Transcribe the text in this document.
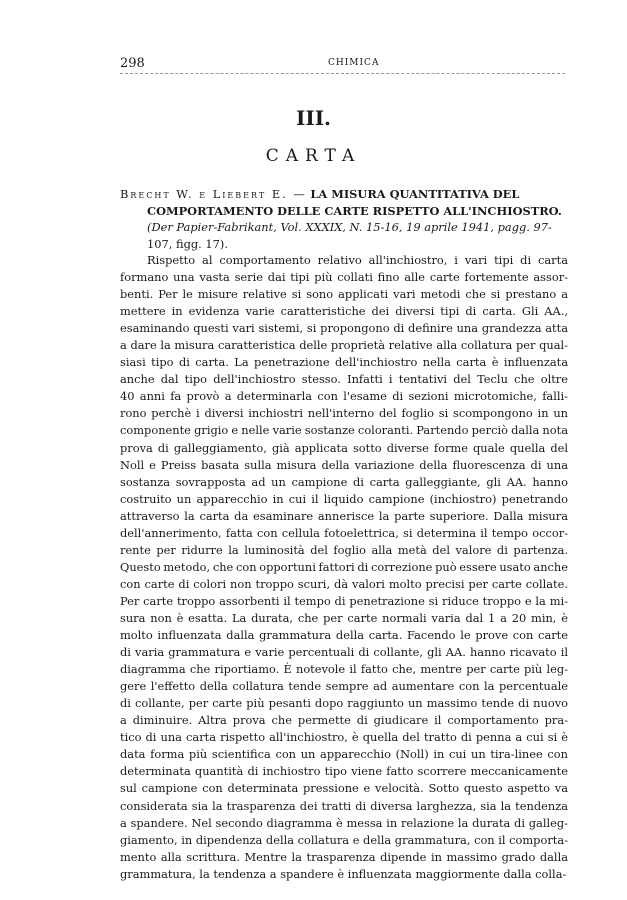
298	CHIMICA
III.
CARTA
Brecht W. e Liebert E. — LA MISURA QUANTITATIVA DEL
COMPORTAMENTO DELLE CARTE RISPETTO ALL'INCHIOSTRO.
(Der Papier-Fabrikant, Vol. XXXIX, N. 15-16, 19 aprile 1941, pagg. 97-
107, figg. 17).
Rispetto al comportamento relativo all'inchiostro, i vari tipi di carta
formano una vasta serie dai tipi più collati fino alle carte fortemente assor-
benti. Per le misure relative si sono applicati vari metodi che si prestano a
mettere in evidenza varie caratteristiche dei diversi tipi di carta. Gli AA.,
esaminando questi vari sistemi, si propongono di definire una grandezza atta
a dare la misura caratteristica delle proprietà relative alla collatura per qual-
siasi tipo di carta. La penetrazione dell'inchiostro nella carta è influenzata
anche dal tipo dell'inchiostro stesso. Infatti i tentativi del Teclu che oltre
40 anni fa provò a determinarla con l'esame di sezioni microtomiche, falli-
rono perchè i diversi inchiostri nell'interno del foglio si scompongono in un
componente grigio e nelle varie sostanze coloranti. Partendo perciò dalla nota
prova di galleggiamento, già applicata sotto diverse forme quale quella del
Noll e Preiss basata sulla misura della variazione della fluorescenza di una
sostanza sovrapposta ad un campione di carta galleggiante, gli AA. hanno
costruito un apparecchio in cui il liquido campione (inchiostro) penetrando
attraverso la carta da esaminare annerisce la parte superiore. Dalla misura
dell'annerimento, fatta con cellula fotoelettrica, si determina il tempo occor-
rente per ridurre la luminosità del foglio alla metà del valore di partenza.
Questo metodo, che con opportuni fattori di correzione può essere usato anche
con carte di colori non troppo scuri, dà valori molto precisi per carte collate.
Per carte troppo assorbenti il tempo di penetrazione si riduce troppo e la mi-
sura non è esatta. La durata, che per carte normali varia dal 1 a 20 min, è
molto influenzata dalla grammatura della carta. Facendo le prove con carte
di varia grammatura e varie percentuali di collante, gli AA. hanno ricavato il
diagramma che riportiamo. È notevole il fatto che, mentre per carte più leg-
gere l'effetto della collatura tende sempre ad aumentare con la percentuale
di collante, per carte più pesanti dopo raggiunto un massimo tende di nuovo
a diminuire. Altra prova che permette di giudicare il comportamento pra-
tico di una carta rispetto all'inchiostro, è quella del tratto di penna a cui si è
data forma più scientifica con un apparecchio (Noll) in cui un tira-linee con
determinata quantità di inchiostro tipo viene fatto scorrere meccanicamente
sul campione con determinata pressione e velocità. Sotto questo aspetto va
considerata sia la trasparenza dei tratti di diversa larghezza, sia la tendenza
a spandere. Nel secondo diagramma è messa in relazione la durata di galleg-
giamento, in dipendenza della collatura e della grammatura, con il comporta-
mento alla scrittura. Mentre la trasparenza dipende in massimo grado dalla
grammatura, la tendenza a spandere è influenzata maggiormente dalla colla-
